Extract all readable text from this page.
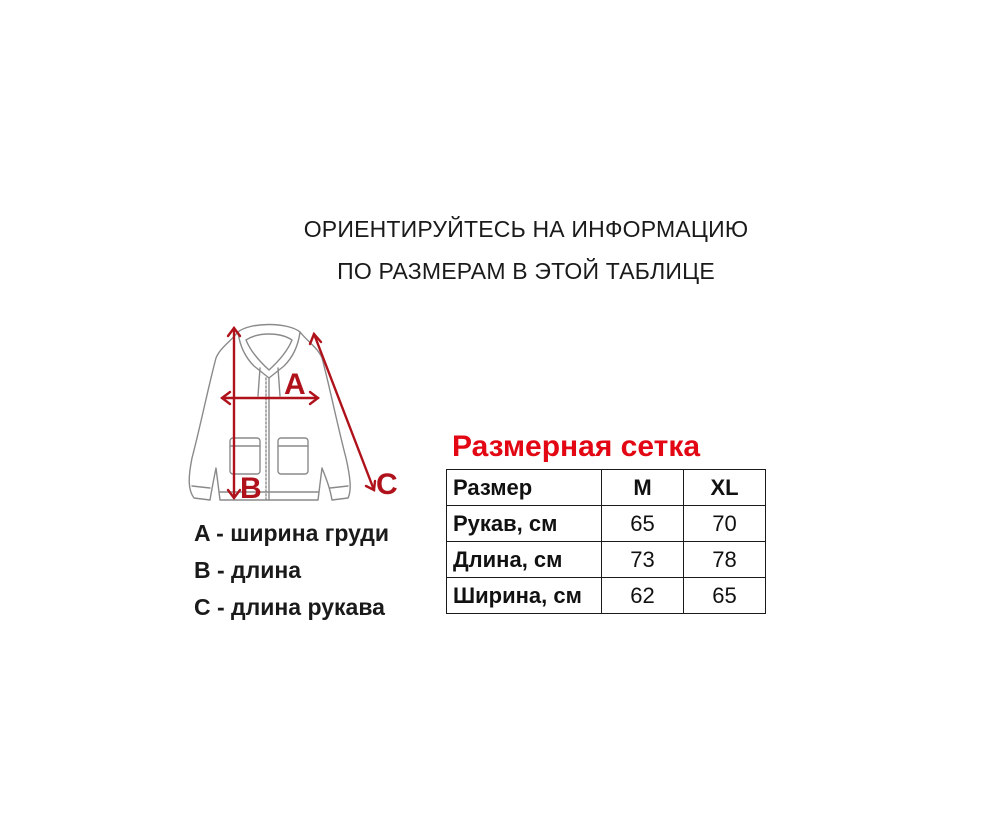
ОРИЕНТИРУЙТЕСЬ НА ИНФОРМАЦИЮ
ПО РАЗМЕРАМ В ЭТОЙ ТАБЛИЦЕ
A
B	C
A - ширина груди
B - длина
C - длина рукава
Размерная сетка
Размер	M	XL
Рукав, см	65	70
Длина, см	73	78
Ширина, см	62	65
